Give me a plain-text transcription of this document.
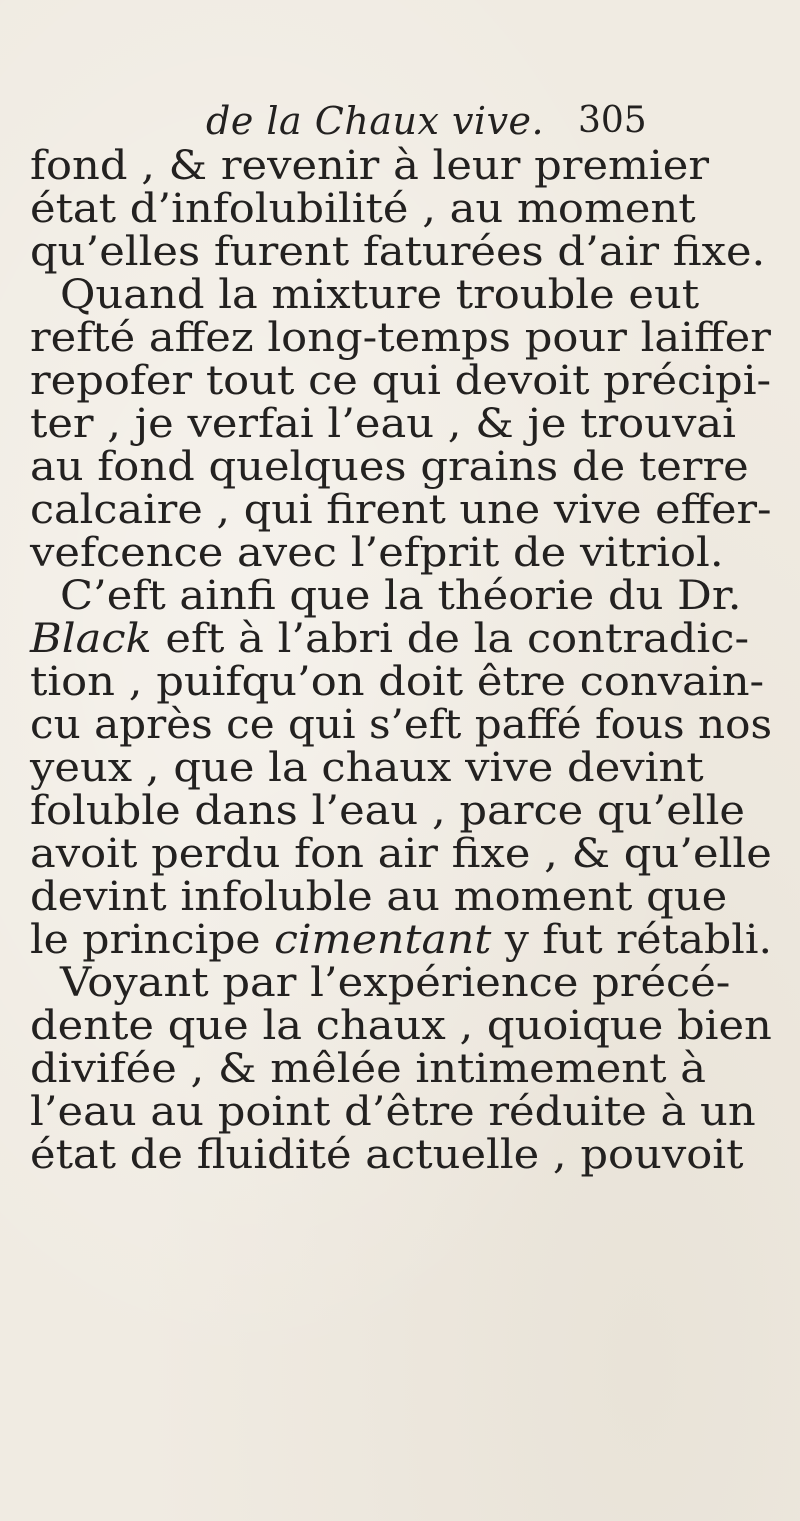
de la Chaux vive. 305
fond , & revenir à leur premier
état d’infolubilité , au moment
qu’elles furent faturées d’air fixe.
Quand la mixture trouble eut
refté affez long-temps pour laiffer
repofer tout ce qui devoit précipi-
ter , je verfai l’eau , & je trouvai
au fond quelques grains de terre
calcaire , qui firent une vive effer-
vefcence avec l’efprit de vitriol.
C’eft ainfi que la théorie du Dr.
Black eft à l’abri de la contradic-
tion , puifqu’on doit être convain-
cu après ce qui s’eft paffé fous nos
yeux , que la chaux vive devint
foluble dans l’eau , parce qu’elle
avoit perdu fon air fixe , & qu’elle
devint infoluble au moment que
le principe cimentant y fut rétabli.
Voyant par l’expérience précé-
dente que la chaux , quoique bien
divifée , & mêlée intimement à
l’eau au point d’être réduite à un
état de fluidité actuelle , pouvoit
